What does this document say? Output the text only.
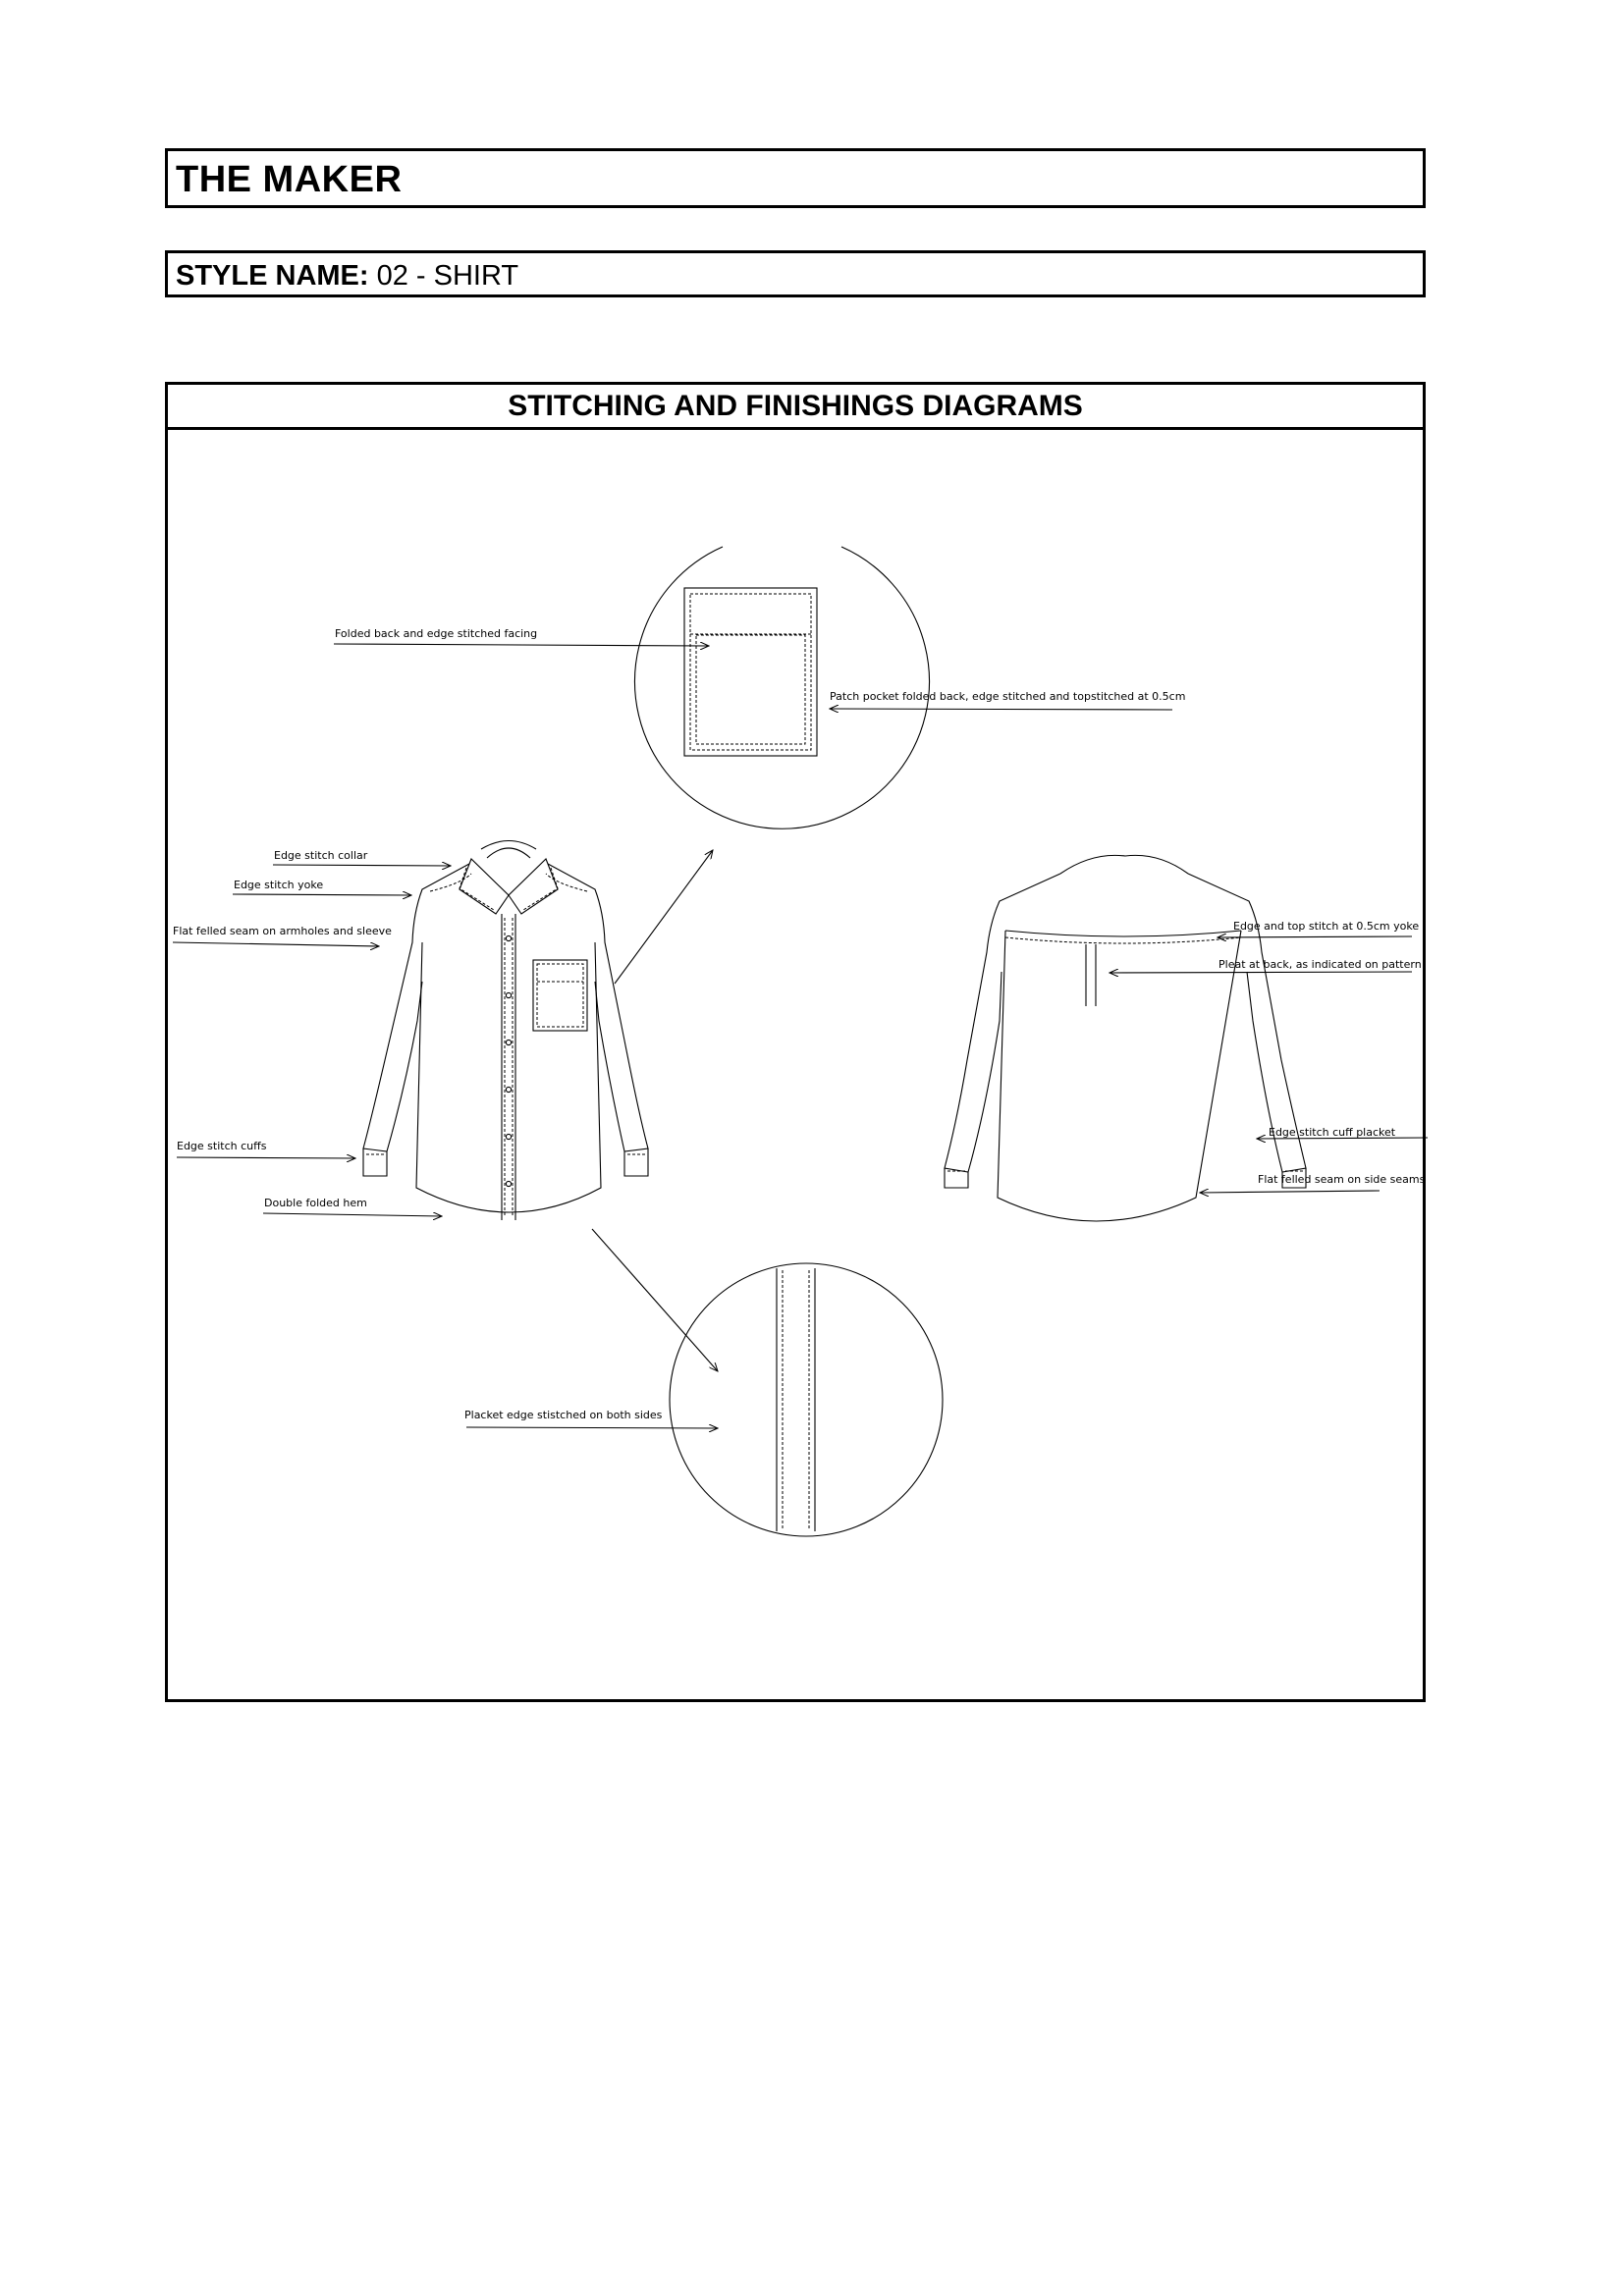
THE MAKER
STYLE NAME: 02 - SHIRT
STITCHING AND FINISHINGS DIAGRAMS
Folded back and edge stitched facing
Patch pocket folded back, edge stitched and topstitched at 0.5cm
Edge stitch collar
Edge stitch yoke
Flat felled seam on armholes and sleeve
Edge stitch cuffs
Double folded hem
Edge and top stitch at 0.5cm yoke
Pleat at back, as indicated on pattern
Edge stitch cuff placket
Flat felled seam on side seams
Placket edge stistched on both sides
